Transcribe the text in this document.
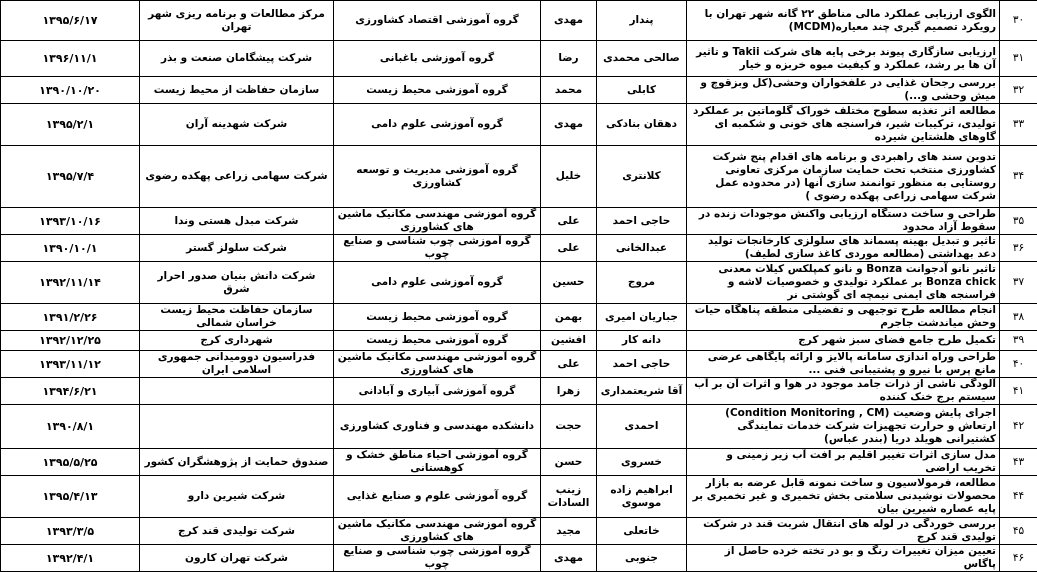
۳۰	الگوی ارزیابی عملکرد مالی مناطق ۲۲ گانه شهر تهران با رویکرد تصمیم گیری چند معیاره(MCDM)	پندار	مهدی	گروه آموزشی اقتصاد کشاورزی	مرکز مطالعات و برنامه ریزی شهر تهران	۱۳۹۵/۶/۱۷
۳۱	ارزیابی سازگاری پیوند برخی پایه های شرکت Takii و تاثیر آن ها بر رشد، عملکرد و کیفیت میوه خربزه و خیار	صالحی محمدی	رضا	گروه آموزشی باغبانی	شرکت پیشگامان صنعت و بذر	۱۳۹۶/۱۱/۱
۳۲	بررسی رجحان غذایی در علفخواران وحشی(کل وبزقوچ و میش وحشی و...)	کابلی	محمد	گروه آموزشی محیط زیست	سازمان حفاظت از محیط زیست	۱۳۹۰/۱۰/۲۰
۳۳	مطالعه اثر تغذیه سطوح مختلف خوراک گلوماتین بر عملکرد تولیدی، ترکیبات شیر، فراسنجه های خونی و شکمبه ای گاوهای هلشتاین شیرده	دهقان بنادکی	مهدی	گروه آموزشی علوم دامی	شرکت شهدینه آران	۱۳۹۵/۲/۱
۳۴	تدوین سند های راهبردی و برنامه های اقدام پنج شرکت کشاورزی منتخب تحت حمایت سازمان مرکزی تعاونی روستایی به منظور توانمند سازی آنها (در محدوده عمل شرکت سهامی زراعی پهکده رضوی )	کلانتری	خلیل	گروه آموزشی مدیریت و توسعه کشاورزی	شرکت سهامی زراعی پهکده رضوی	۱۳۹۵/۷/۴
۳۵	طراحی و ساخت دستگاه ارزیابی واکنش موجودات زنده در سقوط آزاد محدود	حاجی احمد	علی	گروه آموزشی مهندسی مکانیک ماشین های کشاورزی	شرکت مبدل هستی وندا	۱۳۹۳/۱۰/۱۶
۳۶	تاثیر و تبدیل بهینه پسماند های سلولزی کارخانجات تولید دعد بهداشتی (مطالعه موردی کاغذ سازی لطیف)	عبدالخانی	علی	گروه آموزشی چوب شناسی و صنایع چوب	شرکت سلولز گستر	۱۳۹۰/۱۰/۱
۳۷	تاثیر نانو آدجوانت Bonza و نانو کمپلکس کیلات معدنی Bonza chick بر عملکرد تولیدی و خصوصیات لاشه و فراسنجه های ایمنی نیمچه ای گوشتی نر	مروج	حسین	گروه آموزشی علوم دامی	شرکت دانش بنیان صدور احرار شرق	۱۳۹۲/۱۱/۱۴
۳۸	انجام مطالعه طرح توجیهی و تفضیلی منطقه پناهگاه حیات وحش میاندشت جاجرم	جباریان امیری	بهمن	گروه آموزشی محیط زیست	سازمان حفاظت محیط زیست خراسان شمالی	۱۳۹۱/۲/۲۶
۳۹	تکمیل طرح جامع فضای سبز شهر کرج	دانه کار	افشین	گروه آموزشی محیط زیست	شهرداری کرج	۱۳۹۲/۱۲/۲۵
۴۰	طراحی وراه اندازی سامانه پالایز و ارائه پایگاهی عرضی مانع پرس با نیرو و پشتیبانی فنی ...	حاجی احمد	علی	گروه آموزشی مهندسی مکانیک ماشین های کشاورزی	فدراسیون دوومیدانی جمهوری اسلامی ایران	۱۳۹۳/۱۱/۱۲
۴۱	آلودگی ناشی از ذرات جامد موجود در هوا و اثرات آن بر آب سیستم برج خنک کننده	آقا شریعتمداری	زهرا	گروه آموزشی آبیاری و آبادانی		۱۳۹۴/۶/۲۱
۴۲	اجرای پایش وضعیت (Condition Monitoring , CM) ارتعاش و حرارت تجهیزات شرکت خدمات تمایندگی کشتیرانی هویلد دریا (بندر عباس)	احمدی	حجت	دانشکده مهندسی و فناوری کشاورزی		۱۳۹۰/۸/۱
۴۳	مدل سازی اثرات تغییر اقلیم بر افت آب زیر زمینی و تخریب اراضی	خسروی	حسن	گروه آموزشی احیاء مناطق خشک و کوهستانی	صندوق حمایت از پژوهشگران کشور	۱۳۹۵/۵/۲۵
۴۴	مطالعه، فرمولاسیون و ساخت نمونه قابل عرضه به بازار محصولات نوشیدنی سلامتی بخش تخمیری و غیر تخمیری بر پایه عصاره شیرین بیان	ابراهیم زاده موسوی	زینب السادات	گروه آموزشی علوم و صنایع غذایی	شرکت شیرین دارو	۱۳۹۵/۴/۱۳
۴۵	بررسی خوردگی در لوله های انتقال شربت قند در شرکت تولیدی قند کرج	خاتعلی	مجید	گروه آموزشی مهندسی مکانیک ماشین های کشاورزی	شرکت تولیدی قند کرج	۱۳۹۳/۳/۵
۴۶	تعیین میزان تغییرات رنگ و بو در تخته خرده حاصل از پاگاس	جنوبی	مهدی	گروه آموزشی چوب شناسی و صنایع چوب	شرکت تهران کارون	۱۳۹۲/۴/۱
